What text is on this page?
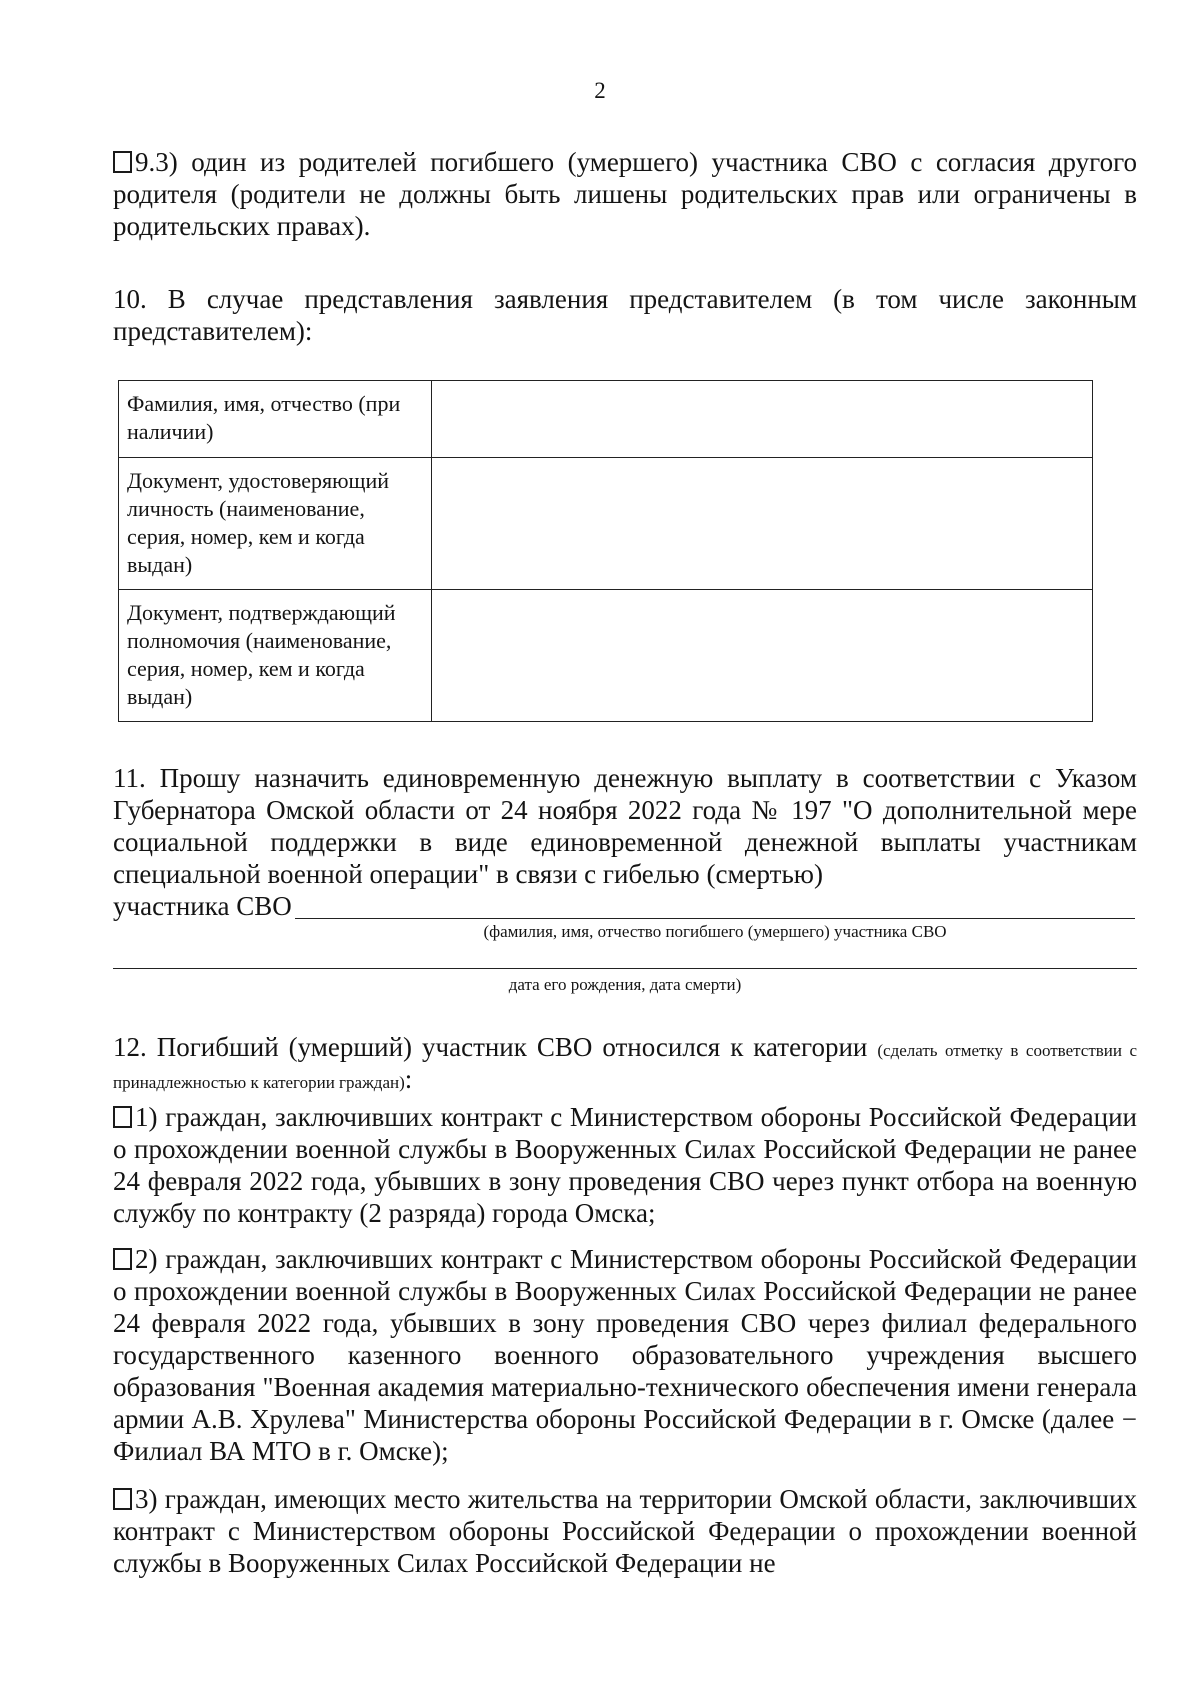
2
9.3) один из родителей погибшего (умершего) участника СВО с согласия другого родителя (родители не должны быть лишены родительских прав или ограничены в родительских правах).
10. В случае представления заявления представителем (в том числе законным представителем):
Фамилия, имя, отчество (при наличии)	
Документ, удостоверяющий личность (наименование, серия, номер, кем и когда выдан)	
Документ, подтверждающий полномочия (наименование, серия, номер, кем и когда выдан)	
11. Прошу назначить единовременную денежную выплату в соответствии с Указом Губернатора Омской области от 24 ноября 2022 года № 197 "О дополнительной мере социальной поддержки в виде единовременной денежной выплаты участникам специальной военной операции" в связи с гибелью (смертью)
участника СВО
(фамилия, имя, отчество погибшего (умершего) участника СВО
дата его рождения, дата смерти)
12. Погибший (умерший) участник СВО относился к категории (сделать отметку в соответствии с принадлежностью к категории граждан):
1) граждан, заключивших контракт с Министерством обороны Российской Федерации о прохождении военной службы в Вооруженных Силах Российской Федерации не ранее 24 февраля 2022 года, убывших в зону проведения СВО через пункт отбора на военную службу по контракту (2 разряда) города Омска;
2) граждан, заключивших контракт с Министерством обороны Российской Федерации о прохождении военной службы в Вооруженных Силах Российской Федерации не ранее 24 февраля 2022 года, убывших в зону проведения СВО через филиал федерального государственного казенного военного образовательного учреждения высшего образования "Военная академия материально-технического обеспечения имени генерала армии А.В. Хрулева" Министерства обороны Российской Федерации в г. Омске (далее − Филиал ВА МТО в г. Омске);
3) граждан, имеющих место жительства на территории Омской области, заключивших контракт с Министерством обороны Российской Федерации о прохождении военной службы в Вооруженных Силах Российской Федерации не
